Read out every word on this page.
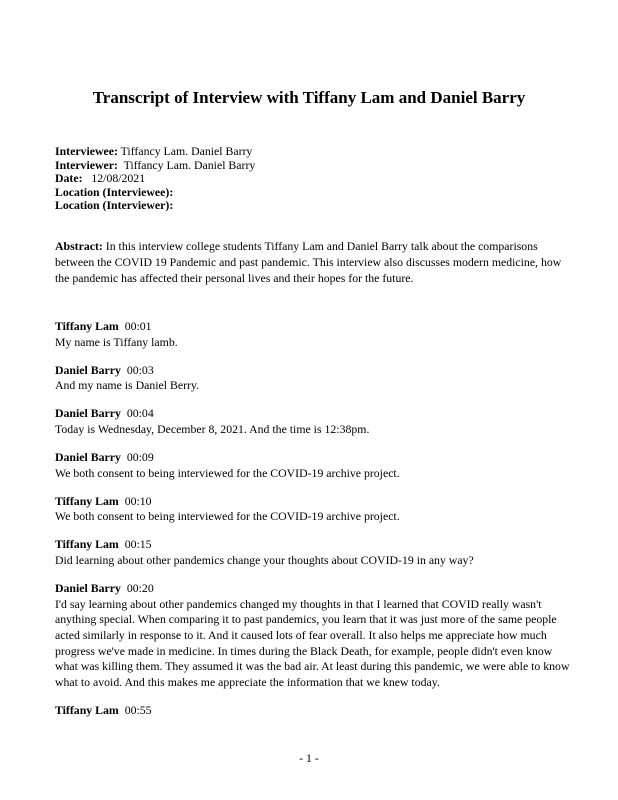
Transcript of Interview with Tiffany Lam and Daniel Barry
Interviewee: Tiffancy Lam. Daniel Barry
Interviewer:  Tiffancy Lam. Daniel Barry
Date:   12/08/2021
Location (Interviewee):
Location (Interviewer):
Abstract: In this interview college students Tiffany Lam and Daniel Barry talk about the comparisons between the COVID 19 Pandemic and past pandemic. This interview also discusses modern medicine, how the pandemic has affected their personal lives and their hopes for the future.
Tiffany Lam 00:01
My name is Tiffany lamb.
Daniel Barry 00:03
And my name is Daniel Berry.
Daniel Barry 00:04
Today is Wednesday, December 8, 2021. And the time is 12:38pm.
Daniel Barry 00:09
We both consent to being interviewed for the COVID-19 archive project.
Tiffany Lam 00:10
We both consent to being interviewed for the COVID-19 archive project.
Tiffany Lam 00:15
Did learning about other pandemics change your thoughts about COVID-19 in any way?
Daniel Barry 00:20
I'd say learning about other pandemics changed my thoughts in that I learned that COVID really wasn't anything special. When comparing it to past pandemics, you learn that it was just more of the same people acted similarly in response to it. And it caused lots of fear overall. It also helps me appreciate how much progress we've made in medicine. In times during the Black Death, for example, people didn't even know what was killing them. They assumed it was the bad air. At least during this pandemic, we were able to know what to avoid. And this makes me appreciate the information that we knew today.
Tiffany Lam 00:55
- 1 -
